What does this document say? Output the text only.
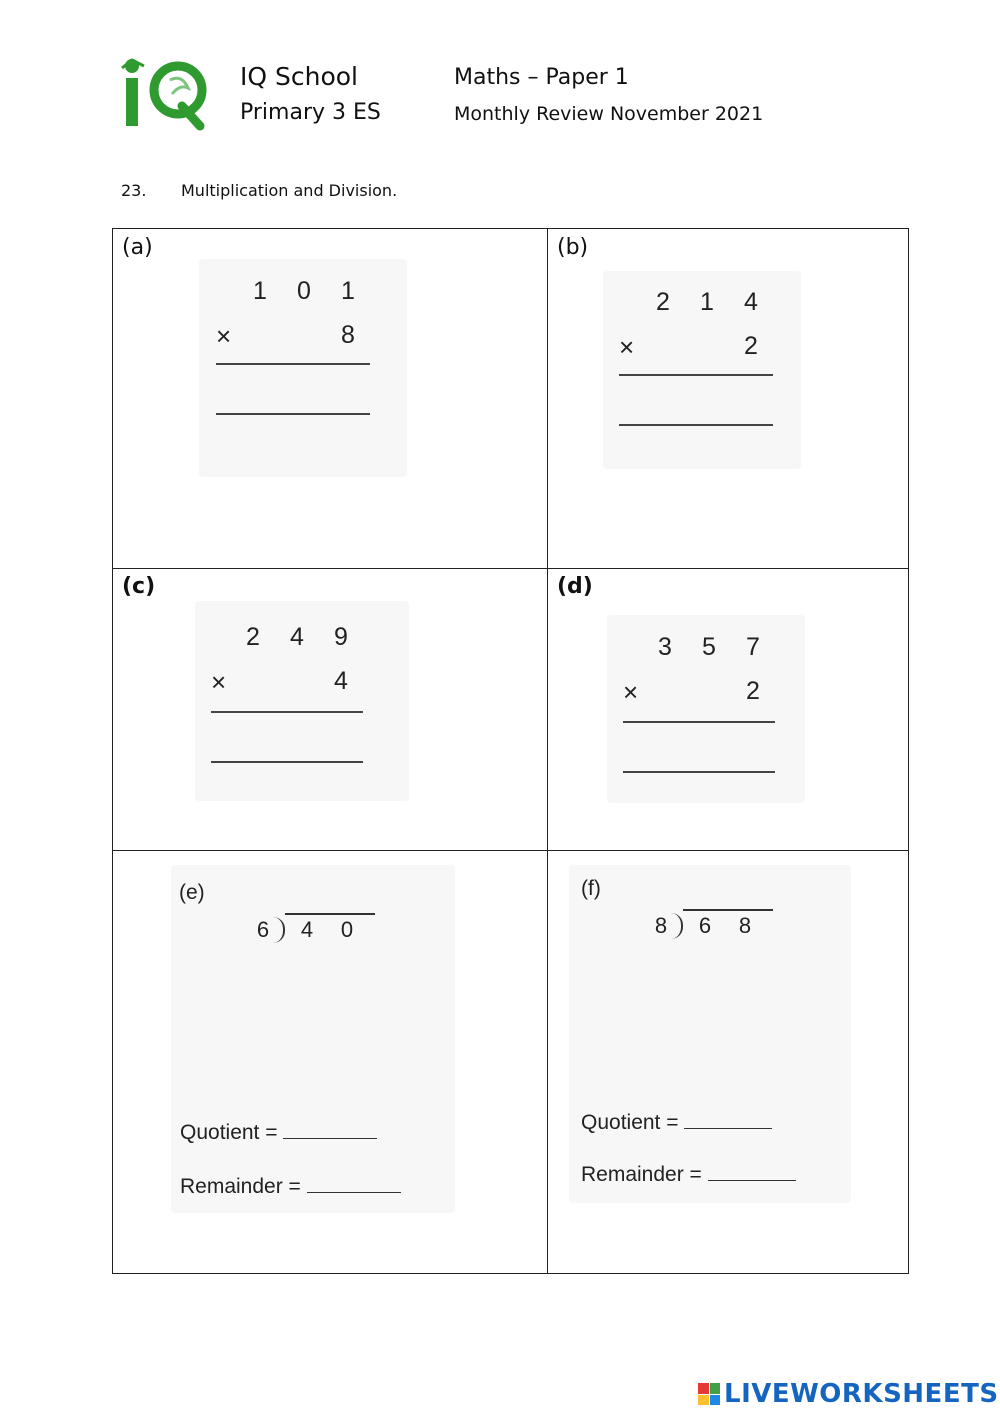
IQ School
Primary 3 ES
Maths – Paper 1
Monthly Review November 2021
23. Multiplication and Division.
(a)
1 0 1
×	8
(b)
2 1 4
×	2
(c)
2 4 9
×	4
(d)
3 5 7
×	2
(e)
6	4 0
Quotient =
Remainder =
(f)
8	6 8
Quotient =
Remainder =
LIVEWORKSHEETS
